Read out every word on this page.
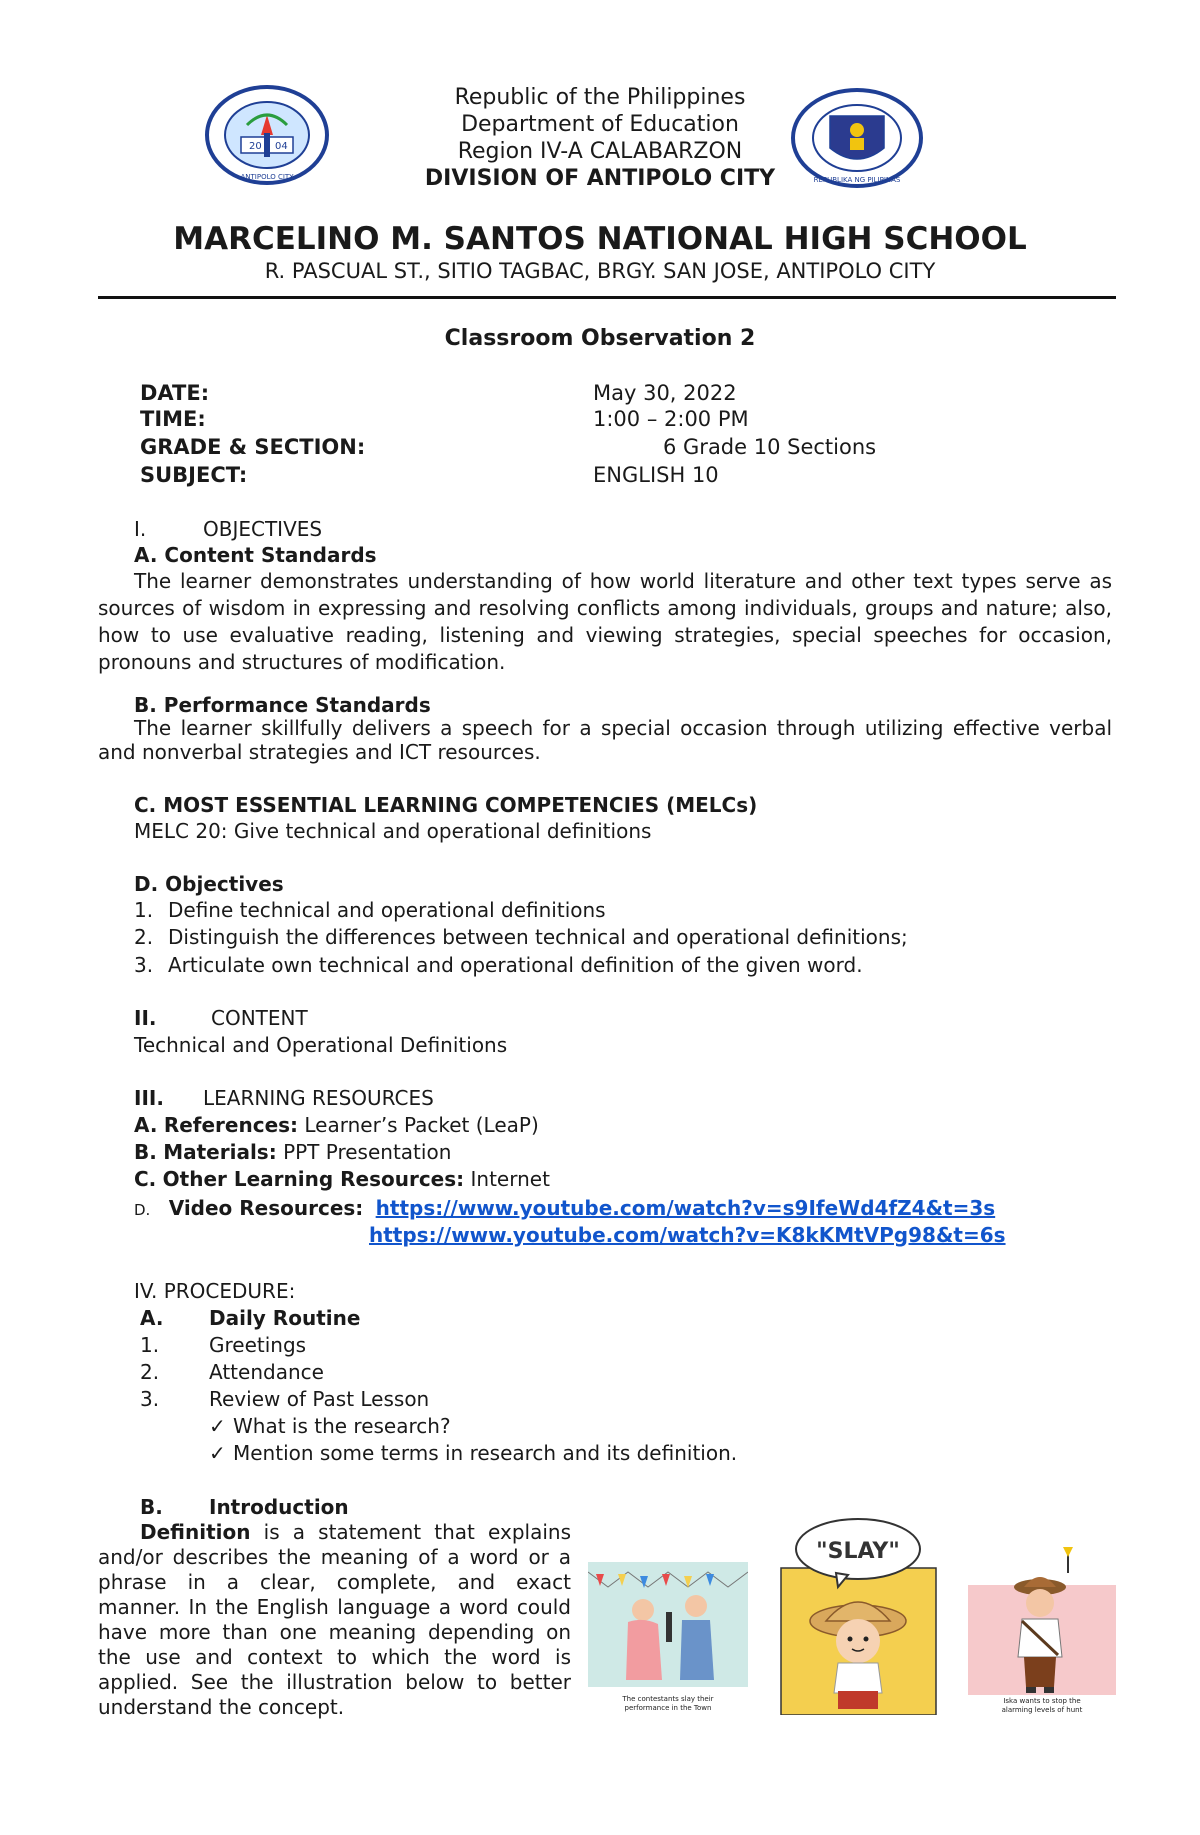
20 04
ANTIPOLO CITY	REPUBLIKA NG PILIPINAS
Republic of the Philippines
Department of Education
Region IV-A CALABARZON
DIVISION OF ANTIPOLO CITY
MARCELINO M. SANTOS NATIONAL HIGH SCHOOL
R. PASCUAL ST., SITIO TAGBAC, BRGY. SAN JOSE, ANTIPOLO CITY
Classroom Observation 2
DATE:	May 30, 2022
TIME:	1:00 – 2:00 PM
GRADE & SECTION:	6 Grade 10 Sections
SUBJECT:	ENGLISH 10
I.	OBJECTIVES
A. Content Standards
The learner demonstrates understanding of how world literature and other text types serve as sources of wisdom in expressing and resolving conflicts among individuals, groups and nature; also, how to use evaluative reading, listening and viewing strategies, special speeches for occasion, pronouns and structures of modification.
B. Performance Standards
The learner skillfully delivers a speech for a special occasion through utilizing effective verbal and nonverbal strategies and ICT resources.
C. MOST ESSENTIAL LEARNING COMPETENCIES (MELCs)
MELC 20: Give technical and operational definitions
D. Objectives
1. Define technical and operational definitions
2. Distinguish the differences between technical and operational definitions;
3. Articulate own technical and operational definition of the given word.
II.	CONTENT
Technical and Operational Definitions
III. LEARNING RESOURCES
A. References: Learner’s Packet (LeaP)
B. Materials: PPT Presentation
C. Other Learning Resources: Internet
D. Video Resources: https://www.youtube.com/watch?v=s9IfeWd4fZ4&t=3s
https://www.youtube.com/watch?v=K8kKMtVPg98&t=6s
IV. PROCEDURE:
A. Daily Routine
1. Greetings
2. Attendance
3. Review of Past Lesson
✓ What is the research?
✓ Mention some terms in research and its definition.
B. Introduction
Definition is a statement that explains and/or describes the meaning of a word or a phrase in a clear, complete, and exact manner. In the English language a word could have more than one meaning depending on the use and context to which the word is applied. See the illustration below to better understand the concept.	The contestants slay their
performance in the Town
"SLAY"
Iska wants to stop the
alarming levels of hunt
